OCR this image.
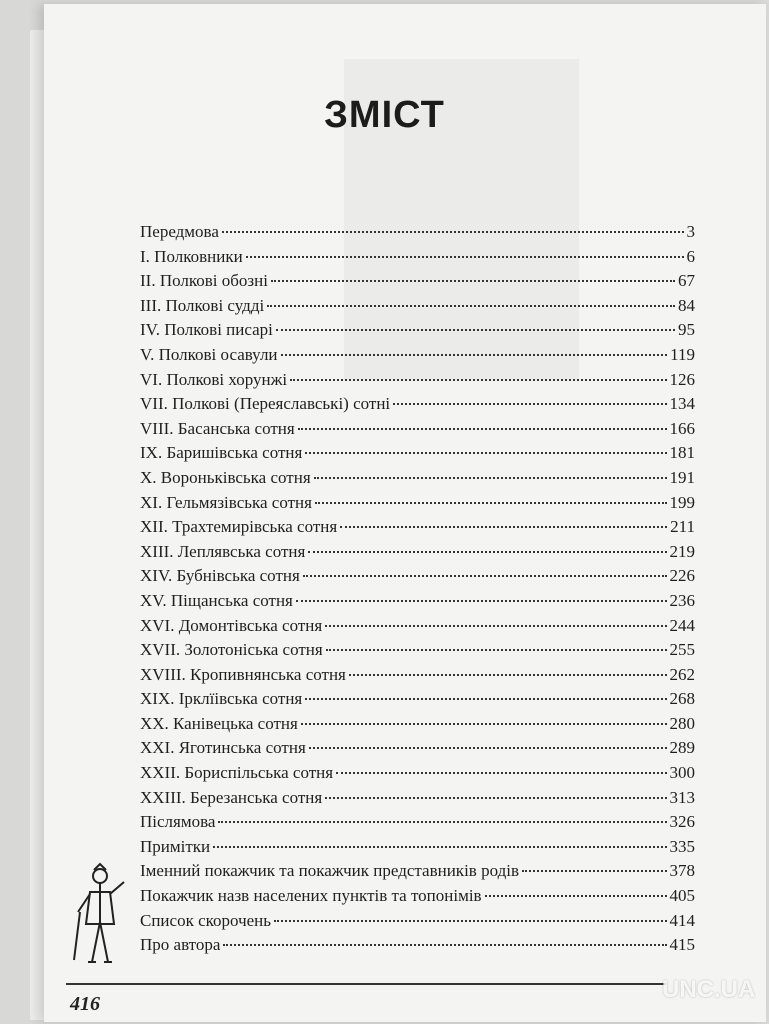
ЗМІСТ
Передмова	3
І. Полковники	6
ІІ. Полкові обозні	67
ІІІ. Полкові судді	84
IV. Полкові писарі	95
V. Полкові осавули	119
VI. Полкові хорунжі	126
VII. Полкові (Переяславські) сотні	134
VIII. Басанська сотня	166
IX. Баришівська сотня	181
X. Вороньківська сотня	191
XI. Гельмязівська сотня	199
XII. Трахтемирівська сотня	211
XIII. Леплявська сотня	219
XIV. Бубнівська сотня	226
XV. Піщанська сотня	236
XVI. Домонтівська сотня	244
XVII. Золотоніська сотня	255
XVIII. Кропивнянська сотня	262
XIX. Ірклїівська сотня	268
XX. Канівецька сотня	280
XXI. Яготинська сотня	289
XXII. Бориспільська сотня	300
XXIII. Березанська сотня	313
Післямова	326
Примітки	335
Іменний покажчик та покажчик представників родів	378
Покажчик назв населених пунктів та топонімів	405
Список скорочень	414
Про автора	415
416
UNC.UA
